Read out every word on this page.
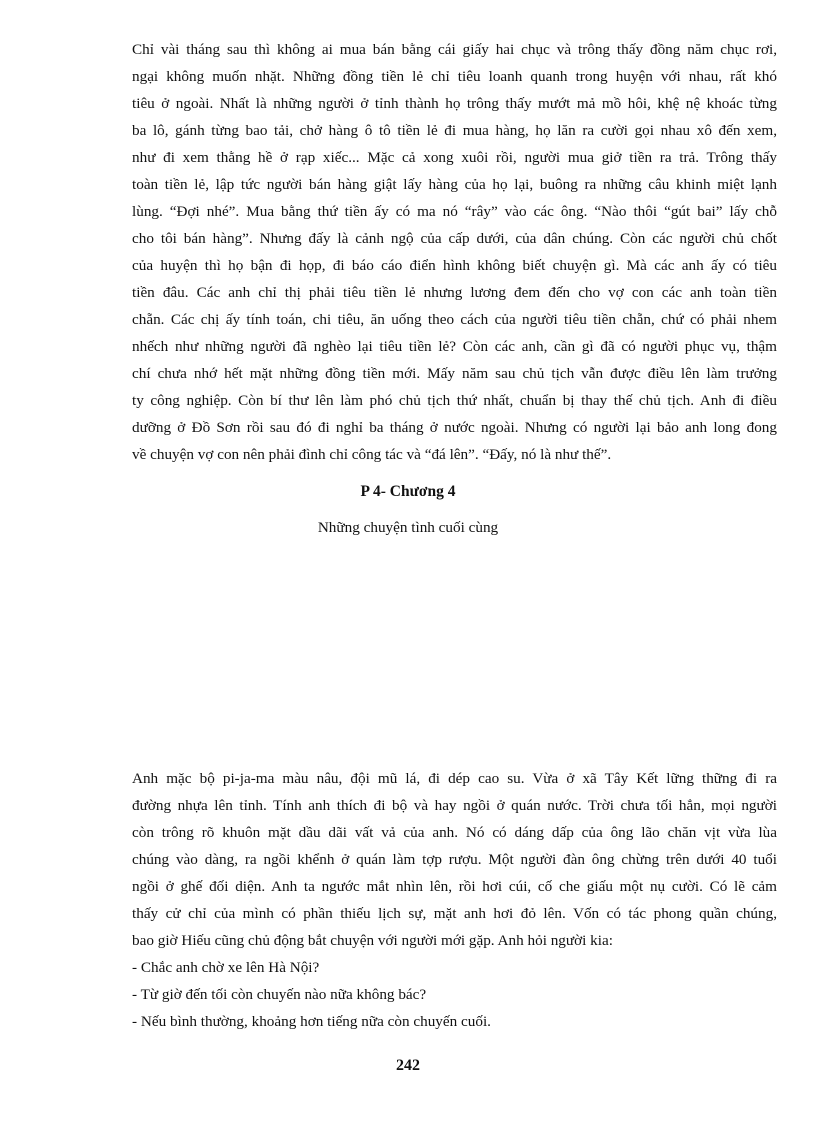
Chỉ vài tháng sau thì không ai mua bán bằng cái giấy hai chục và trông thấy đồng năm chục rơi,
ngại không muốn nhặt. Những đồng tiền lẻ chỉ tiêu loanh quanh trong huyện với nhau, rất khó
tiêu ở ngoài. Nhất là những người ở tỉnh thành họ trông thấy mướt mả mồ hôi, khệ nệ khoác từng
ba lô, gánh từng bao tải, chở hàng ô tô tiền lẻ đi mua hàng, họ lăn ra cười gọi nhau xô đến xem,
như đi xem thằng hề ở rạp xiếc... Mặc cả xong xuôi rồi, người mua giở tiền ra trả. Trông thấy
toàn tiền lẻ, lập tức người bán hàng giật lấy hàng của họ lại, buông ra những câu khinh miệt lạnh
lùng. “Đợi nhé”. Mua bằng thứ tiền ấy có ma nó “rây” vào các ông. “Nào thôi “gút bai” lấy chỗ
cho tôi bán hàng”. Nhưng đấy là cảnh ngộ của cấp dưới, của dân chúng. Còn các người chủ chốt
của huyện thì họ bận đi họp, đi báo cáo điển hình không biết chuyện gì. Mà các anh ấy có tiêu
tiền đâu. Các anh chỉ thị phải tiêu tiền lẻ nhưng lương đem đến cho vợ con các anh toàn tiền
chẵn. Các chị ấy tính toán, chi tiêu, ăn uống theo cách của người tiêu tiền chẵn, chứ có phải nhem
nhếch như những người đã nghèo lại tiêu tiền lẻ? Còn các anh, cần gì đã có người phục vụ, thậm
chí chưa nhớ hết mặt những đồng tiền mới. Mấy năm sau chủ tịch vẫn được điều lên làm trưởng
ty công nghiệp. Còn bí thư lên làm phó chủ tịch thứ nhất, chuẩn bị thay thế chủ tịch. Anh đi điều
dưỡng ở Đồ Sơn rồi sau đó đi nghỉ ba tháng ở nước ngoài. Nhưng có người lại bảo anh long đong
về chuyện vợ con nên phải đình chỉ công tác và “đá lên”. “Đấy, nó là như thế”.
P 4- Chương 4
Những chuyện tình cuối cùng
Anh mặc bộ pi-ja-ma màu nâu, đội mũ lá, đi dép cao su. Vừa ở xã Tây Kết lững thững đi ra
đường nhựa lên tỉnh. Tính anh thích đi bộ và hay ngồi ở quán nước. Trời chưa tối hẳn, mọi người
còn trông rõ khuôn mặt dầu dãi vất vả của anh. Nó có dáng dấp của ông lão chăn vịt vừa lùa
chúng vào dàng, ra ngồi khểnh ở quán làm tợp rượu. Một người đàn ông chừng trên dưới 40 tuổi
ngồi ở ghế đối diện. Anh ta ngước mắt nhìn lên, rồi hơi cúi, cố che giấu một nụ cười. Có lẽ cảm
thấy cử chỉ của mình có phần thiếu lịch sự, mặt anh hơi đỏ lên. Vốn có tác phong quần chúng,
bao giờ Hiếu cũng chủ động bắt chuyện với người mới gặp. Anh hỏi người kia:
- Chắc anh chờ xe lên Hà Nội?
- Từ giờ đến tối còn chuyến nào nữa không bác?
- Nếu bình thường, khoảng hơn tiếng nữa còn chuyến cuối.
242
